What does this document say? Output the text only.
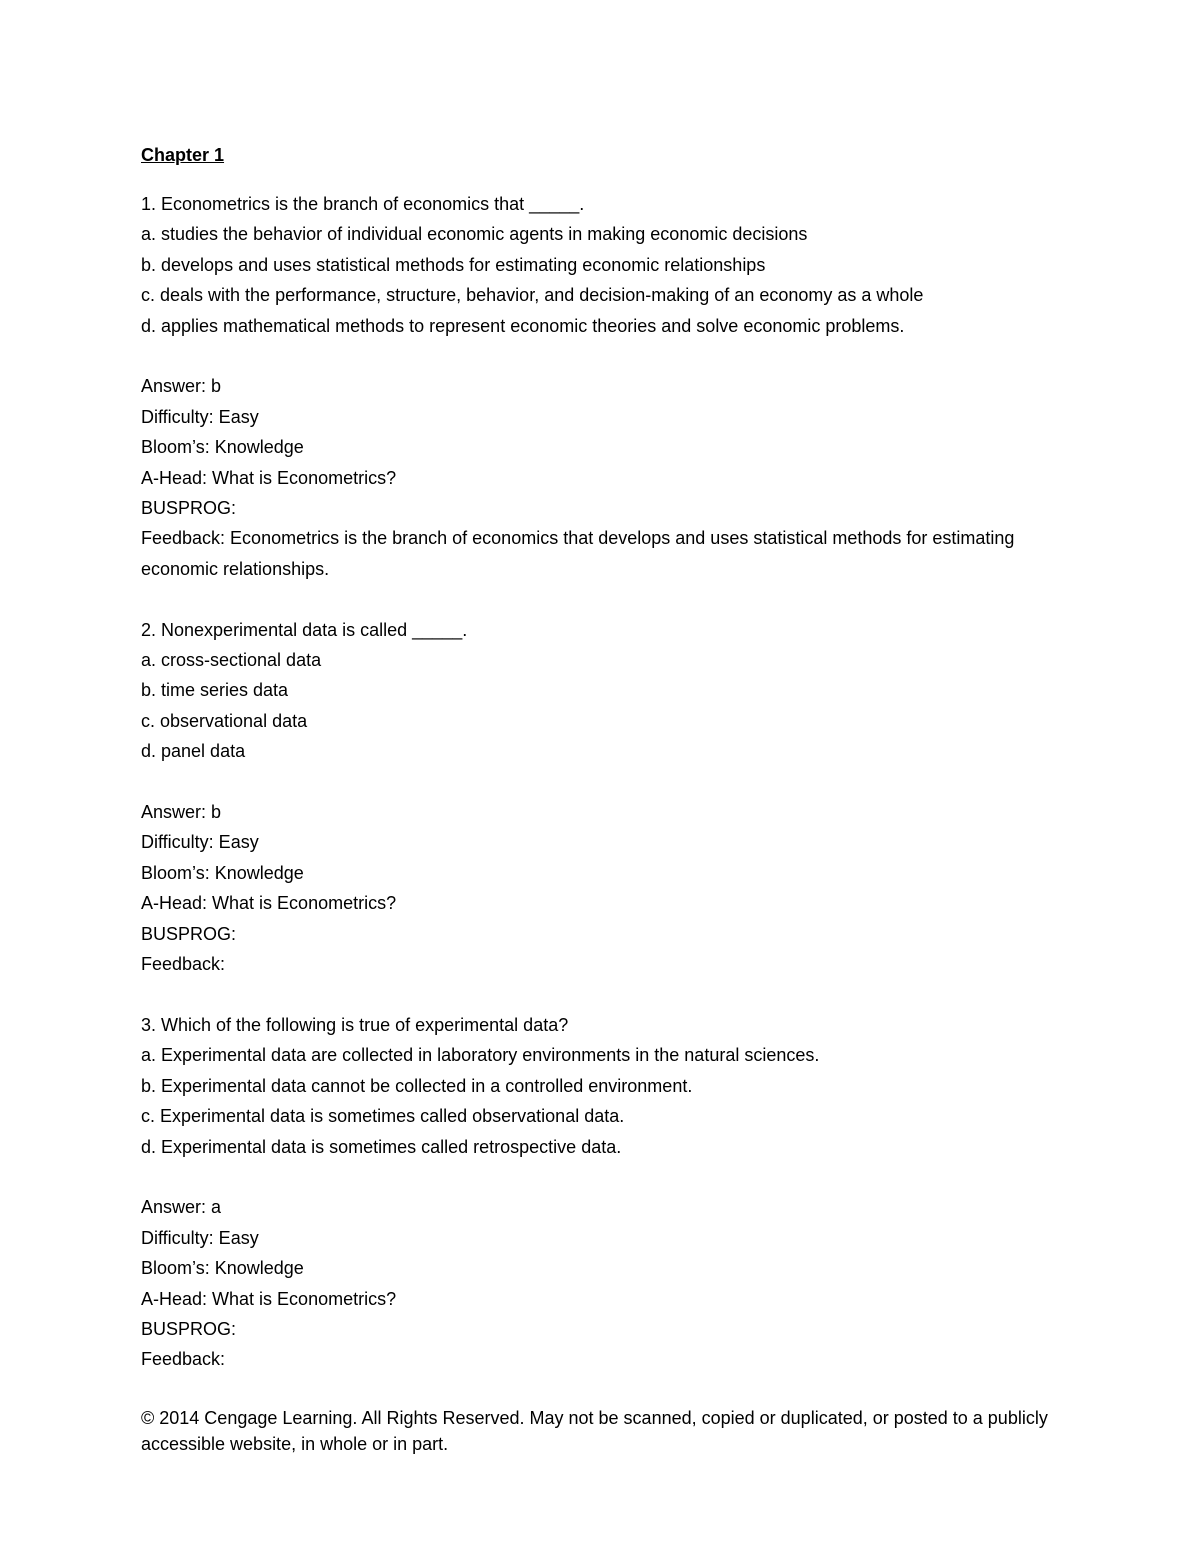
Chapter 1
1. Econometrics is the branch of economics that _____.
a. studies the behavior of individual economic agents in making economic decisions
b. develops and uses statistical methods for estimating economic relationships
c. deals with the performance, structure, behavior, and decision-making of an economy as a whole
d. applies mathematical methods to represent economic theories and solve economic problems.
Answer: b
Difficulty: Easy
Bloom’s: Knowledge
A-Head: What is Econometrics?
BUSPROG:
Feedback: Econometrics is the branch of economics that develops and uses statistical methods for estimating economic relationships.
2. Nonexperimental data is called _____.
a. cross-sectional data
b. time series data
c. observational data
d. panel data
Answer: b
Difficulty: Easy
Bloom’s: Knowledge
A-Head: What is Econometrics?
BUSPROG:
Feedback:
3. Which of the following is true of experimental data?
a. Experimental data are collected in laboratory environments in the natural sciences.
b. Experimental data cannot be collected in a controlled environment.
c. Experimental data is sometimes called observational data.
d. Experimental data is sometimes called retrospective data.
Answer: a
Difficulty: Easy
Bloom’s: Knowledge
A-Head: What is Econometrics?
BUSPROG:
Feedback:
© 2014 Cengage Learning. All Rights Reserved. May not be scanned, copied or duplicated, or posted to a publicly accessible website, in whole or in part.
